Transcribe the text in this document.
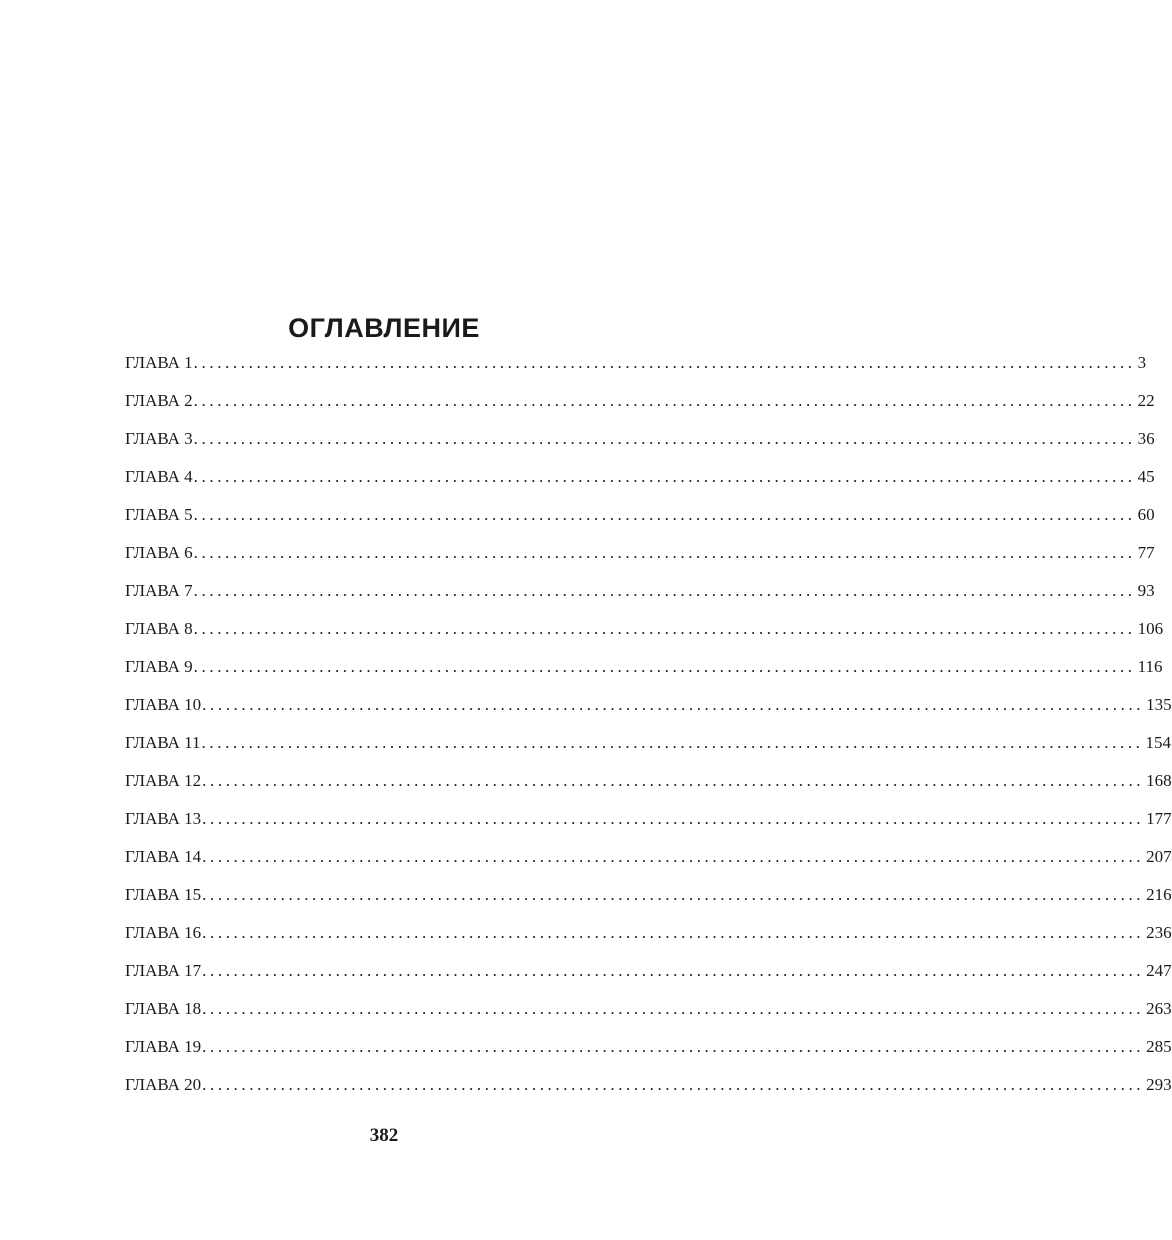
ОГЛАВЛЕНИЕ
ГЛАВА 1 ........................................................................................................................ 3
ГЛАВА 2 ........................................................................................................................ 22
ГЛАВА 3 ........................................................................................................................ 36
ГЛАВА 4 ........................................................................................................................ 45
ГЛАВА 5 ........................................................................................................................ 60
ГЛАВА 6 ........................................................................................................................ 77
ГЛАВА 7 ........................................................................................................................ 93
ГЛАВА 8 ........................................................................................................................ 106
ГЛАВА 9 ........................................................................................................................ 116
ГЛАВА 10 ........................................................................................................................ 135
ГЛАВА 11 ........................................................................................................................ 154
ГЛАВА 12 ........................................................................................................................ 168
ГЛАВА 13 ........................................................................................................................ 177
ГЛАВА 14 ........................................................................................................................ 207
ГЛАВА 15 ........................................................................................................................ 216
ГЛАВА 16 ........................................................................................................................ 236
ГЛАВА 17 ........................................................................................................................ 247
ГЛАВА 18 ........................................................................................................................ 263
ГЛАВА 19 ........................................................................................................................ 285
ГЛАВА 20 ........................................................................................................................ 293
382
